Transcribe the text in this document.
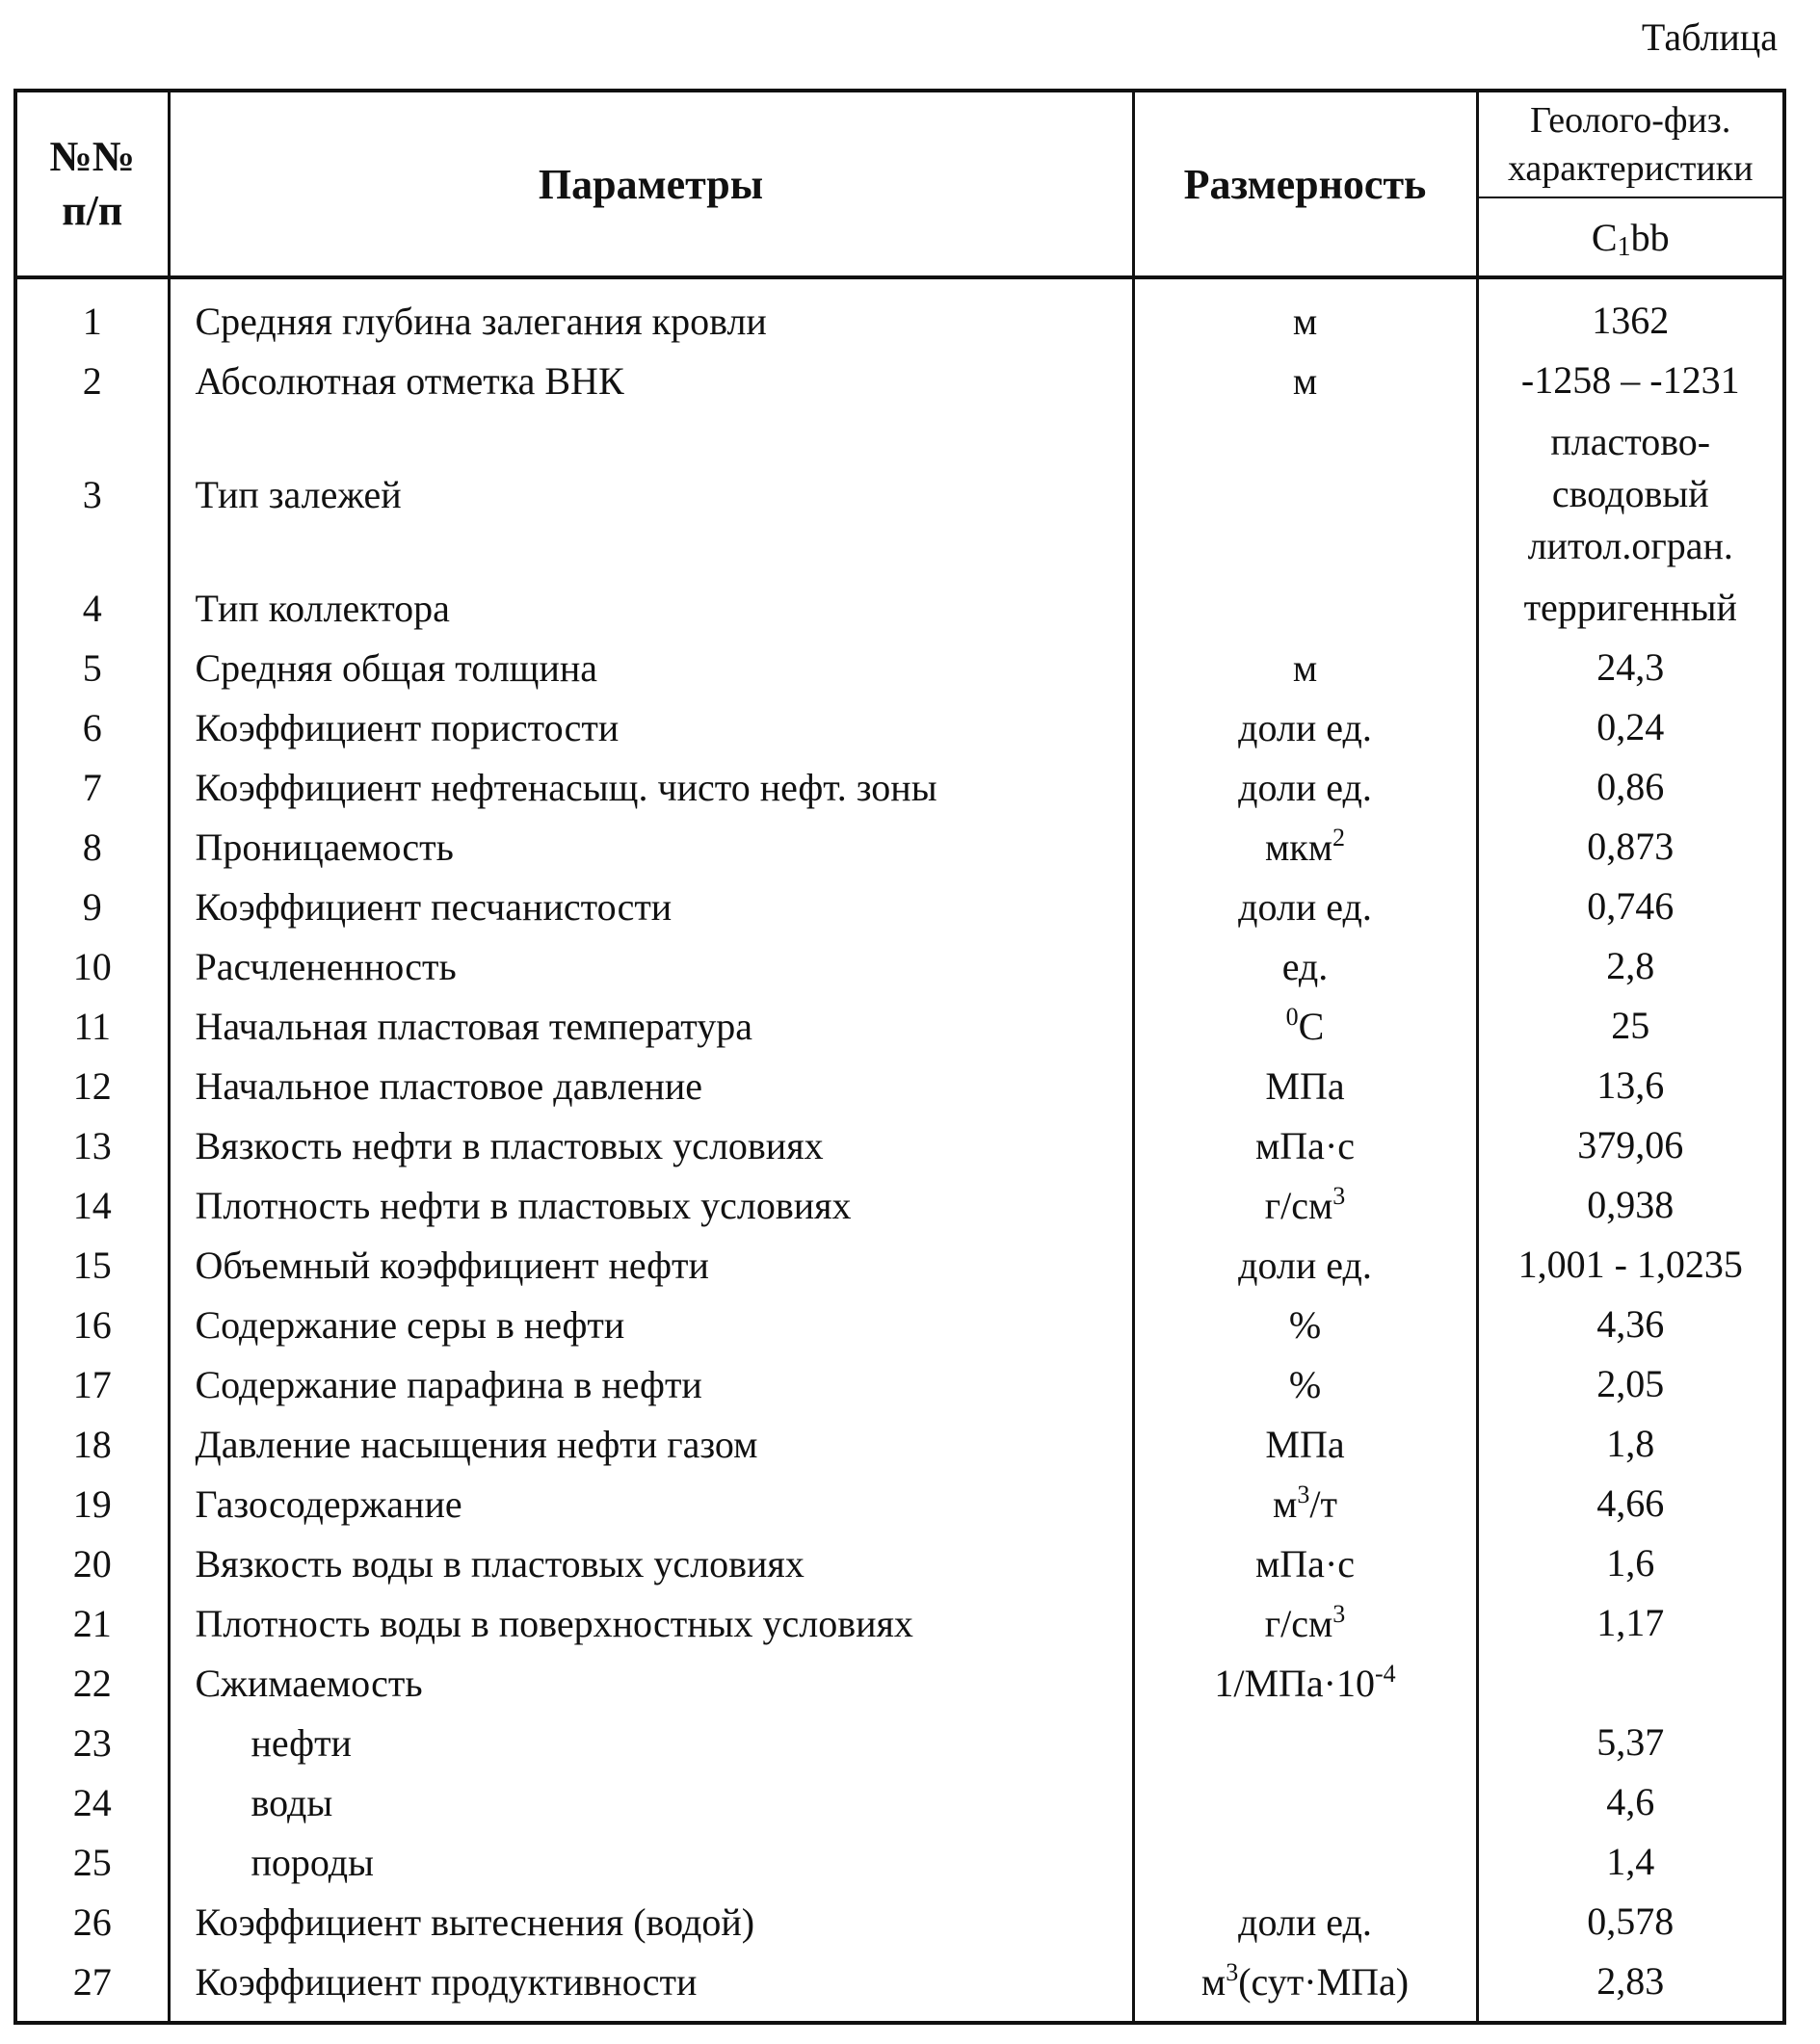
Таблица
№№ п/п	Параметры	Размерность	Геолого-физ. характеристики

			$C_1bb$
1	Средняя глубина залегания кровли	м	1362
2	Абсолютная отметка ВНК	м	-1258 – -1231
3	Тип залежей		пластово- сводовый литол.огран.

4	Тип коллектора		терригенный
5	Средняя общая толщина	м	24,3
6	Коэффициент пористости	доли ед.	0,24
7	Коэффициент нефтенасыщ. чисто нефт. зоны	доли ед.	0,86
8	Проницаемость	мкм$^2$	0,873
9	Коэффициент песчанистости	доли ед.	0,746
10	Расчлененность	ед.	2,8
11	Начальная пластовая температура	$^0$С	25
12	Начальное пластовое давление	МПа	13,6
13	Вязкость нефти в пластовых условиях	мПа·с	379,06
14	Плотность нефти в пластовых условиях	$г/см^3$	0,938
15	Объемный коэффициент нефти	доли ед.	1,001 - 1,0235
16	Содержание серы в нефти	%	4,36
17	Содержание парафина в нефти	%	2,05
18	Давление насыщения нефти газом	МПа	1,8
19	Газосодержание	$м^3/т$	4,66
20	Вязкость воды в пластовых условиях	мПа·с	1,6
21	Плотность воды в поверхностных условиях	$г/см^3$	1,17
22	Сжимаемость	$1/МПа\cdot 10^{-4}$	
23	нефти		5,37
24	воды		4,6
25	породы		1,4
26	Коэффициент вытеснения (водой)	доли ед.	0,578
27	Коэффициент продуктивности	$м^3(сут\cdot МПа)$	2,83
